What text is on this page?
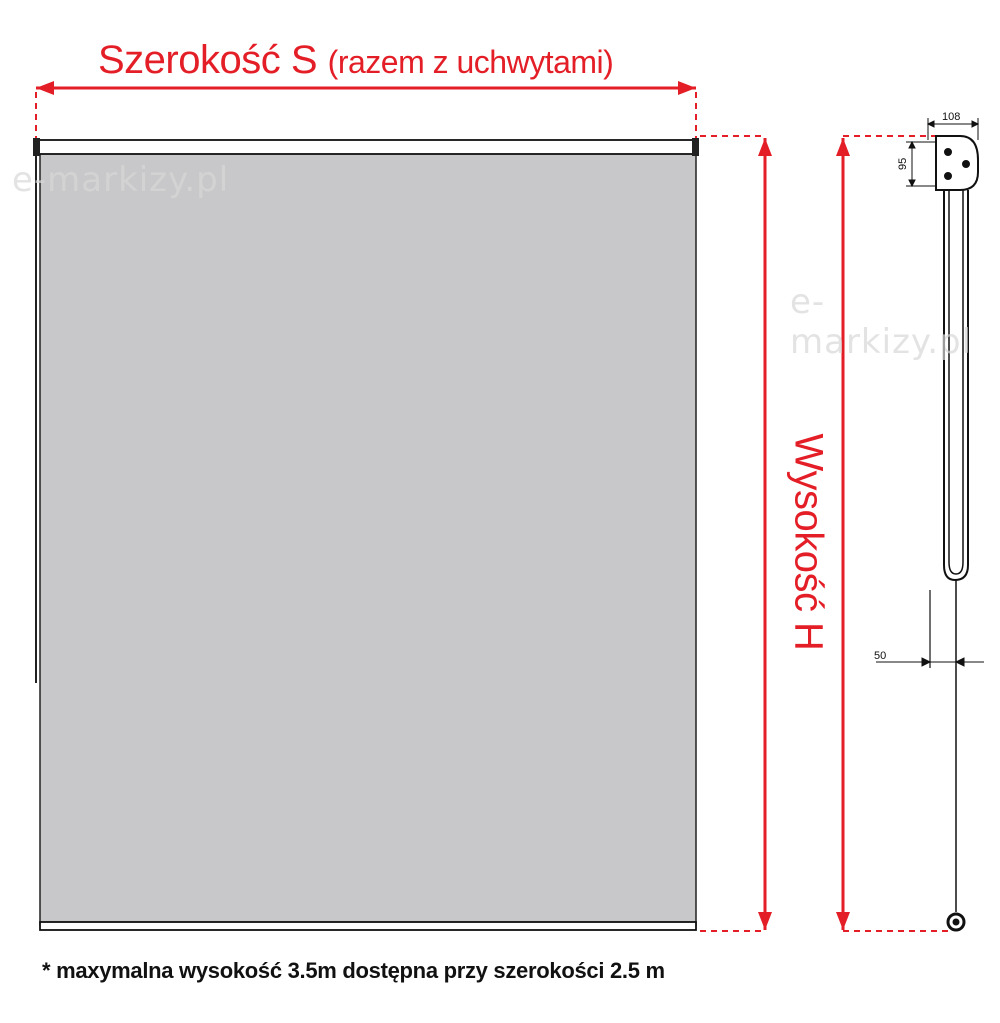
108
95
50
e-markizy.pl
e-markizy.pl
Szerokość S (razem z uchwytami)
Wysokość H
* maxymalna wysokość 3.5m dostępna przy szerokości 2.5 m
